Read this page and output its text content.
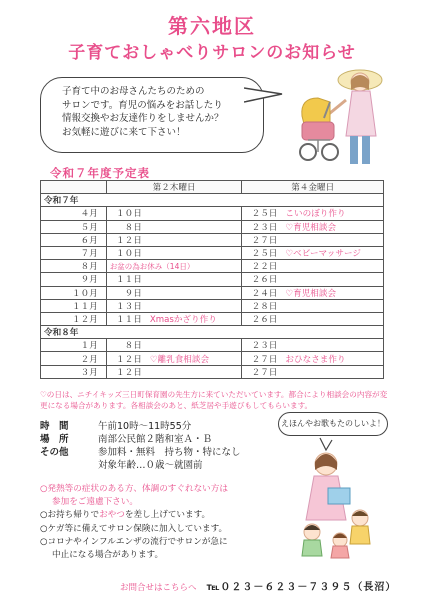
第六地区
子育ておしゃべりサロンのお知らせ
子育て中のお母さんたちのための
サロンです。育児の悩みをお話したり
情報交換やお友達作りをしませんか？
お気軽に遊びに来て下さい！
令和７年度予定表
	第２木曜日	第４金曜日
令和７年		
４月	１０日	２５日 こいのぼり作り
５月	８日	２３日 ♡育児相談会
６月	１２日	２７日
７月	１０日	２５日 ♡ベビーマッサージ
８月	お盆の為お休み（14日）	２２日
９月	１１日	２６日
１０月	９日	２４日 ♡育児相談会
１１月	１３日	２８日
１２月	１１日 Xmasかざり作り	２６日
令和８年		
１月	８日	２３日
２月	１２日 ♡離乳食相談会	２７日 おひなさま作り
３月	１２日	２７日
♡の日は、ニチイキッズ三日町保育園の先生方に来ていただいています。都合により相談会の内容が変更になる場合があります。各相談会のあと、紙芝居や手遊びもしてもらいます。
時　間	午前10時～11時55分
場　所	南部公民館２階和室Ａ・Ｂ
その他	参加料・無料　持ち物・特になし
対象年齢…０歳～就園前
えほんやお歌もたのしいよ！
○発熱等の症状のある方、体調のすぐれない方は
参加をご遠慮下さい。
○お持ち帰りでおやつを差し上げています。
○ケガ等に備えてサロン保険に加入しています。
○コロナやインフルエンザの流行でサロンが急に
中止になる場合があります。
お問合せはこちらへ ℡０２３－６２３－７３９５（長沼）
